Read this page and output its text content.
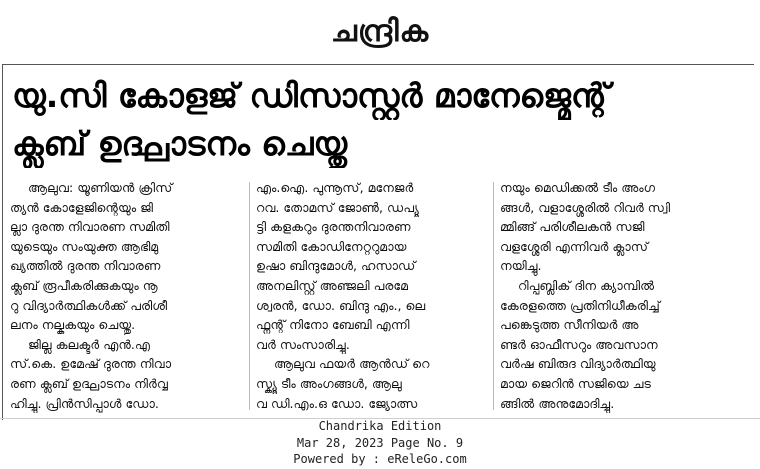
ചന്ദ്രിക
യു.സി കോളജ് ഡിസാസ്റ്റർ മാനേജ്മെന്റ്
ക്ലബ് ഉദ്ഘാടനം ചെയ്തു
ആലുവ: യൂണിയൻ ക്രിസ്
ത്യൻ കോളേജിന്റെയും ജി
ല്ലാ ദുരന്ത നിവാരണ സമിതി
യുടെയും സംയുക്ത ആഭിമു
ഖ്യത്തിൽ ദുരന്ത നിവാരണ
ക്ലബ് രൂപീകരിക്കുകയും നൂ
റു വിദ്യാർത്ഥികൾക്ക് പരിശീ
ലനം നല്കുകയും ചെയ്തു.
ജില്ല കലക്ടർ എൻ.എ
സ്.കെ. ഉമേഷ് ദുരന്ത നിവാ
രണ ക്ലബ് ഉദ്ഘാടനം നിർവ്വ
ഹിച്ചു. പ്രിൻസിപ്പാൾ ഡോ.
എം.ഐ. പുന്നൂസ്, മനേജർ
റവ. തോമസ് ജോൺ, ഡപ്യൂ
ട്ടി കളകറും ദുരന്തനിവാരണ
സമിതി കോഡിനേറ്ററുമായ
ഉഷാ ബിന്ദുമോൾ, ഹസാഡ്
അനലിസ്റ്റ് അഞ്ജലി പരമേ
ശ്വരൻ, ഡോ. ബിന്ദു എം., ലെ
ഫ്നന്റ് നിനോ ബേബി എന്നി
വർ സംസാരിച്ചു.
ആലുവ ഫയർ ആൻഡ് റെ
സ്ക്യൂ ടീം അംഗങ്ങൾ, ആലു
വ ഡി.എം.ഒ ഡോ. ജ്യോത്സ
നയും മെഡിക്കൽ ടീം അംഗ
ങ്ങൾ, വളാശ്ശേരിൽ റിവർ സ്വി
മ്മിങ്ങ് പരിശീലകൻ സജി
വളശ്ശേരി എന്നിവർ ക്ലാസ്
നയിച്ചു.
റിപ്പബ്ലിക് ദിന ക്യാമ്പിൽ
കേരളത്തെ പ്രതിനിധീകരിച്ച്
പങ്കെടുത്ത സീനിയർ അ
ണ്ടർ ഓഫീസറും അവസാന
വർഷ ബിരുദ വിദ്യാർത്ഥിയു
മായ ജെറിൻ സജിയെ ചട
ങ്ങിൽ അനുമോദിച്ചു.
Chandrika Edition
Mar 28, 2023 Page No. 9
Powered by : eReleGo.com
